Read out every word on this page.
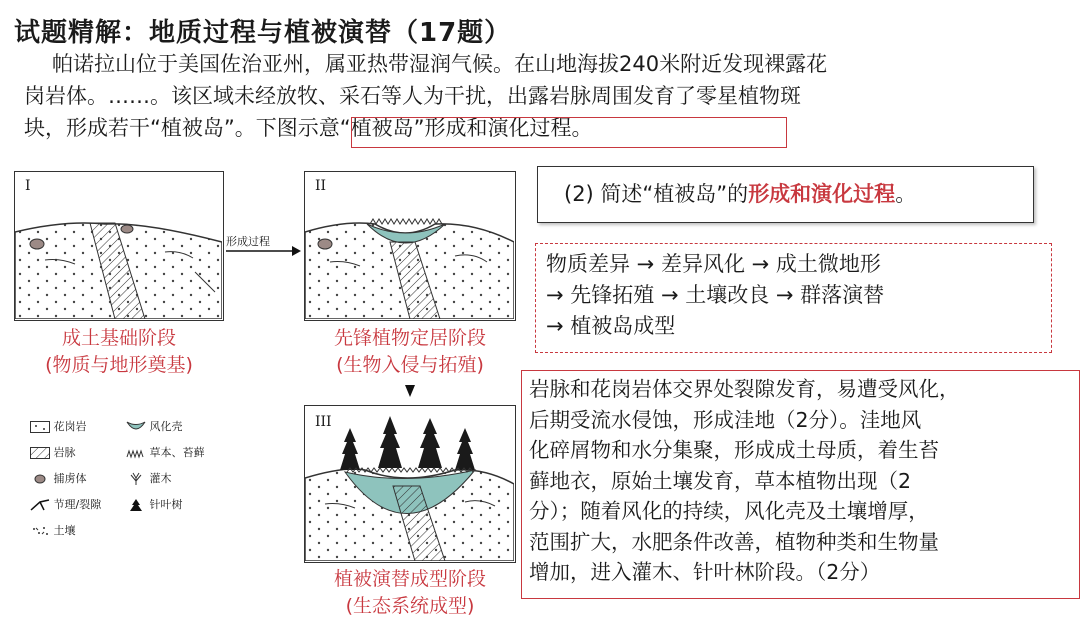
试题精解：地质过程与植被演替（17题）

帕诺拉山位于美国佐治亚州，属亚热带湿润气候。在山地海拔240米附近发现裸露花

岗岩体。……。该区域未经放牧、采石等人为干扰，出露岩脉周围发育了零星植物斑

块，形成若干“植被岛”。下图示意“植被岛”形成和演化过程。

I
形成过程
II
成土基础阶段
(物质与地形奠基)
先锋植物定居阶段
(生物入侵与拓殖)
III
植被演替成型阶段
(生态系统成型)
花岗岩	风化壳
岩脉	草本、苔藓
捕虏体	灌木
节理/裂隙	针叶树
土壤
(2) 简述“植被岛”的形成和演化过程。
物质差异 → 差异风化 → 成土微地形
→ 先锋拓殖 → 土壤改良 → 群落演替
→ 植被岛成型

岩脉和花岗岩体交界处裂隙发育，易遭受风化，

后期受流水侵蚀，形成洼地（2分）。洼地风

化碎屑物和水分集聚，形成成土母质，着生苔

藓地衣，原始土壤发育，草本植物出现（2

分）；随着风化的持续，风化壳及土壤增厚，

范围扩大，水肥条件改善，植物种类和生物量

增加，进入灌木、针叶林阶段。（2分）
